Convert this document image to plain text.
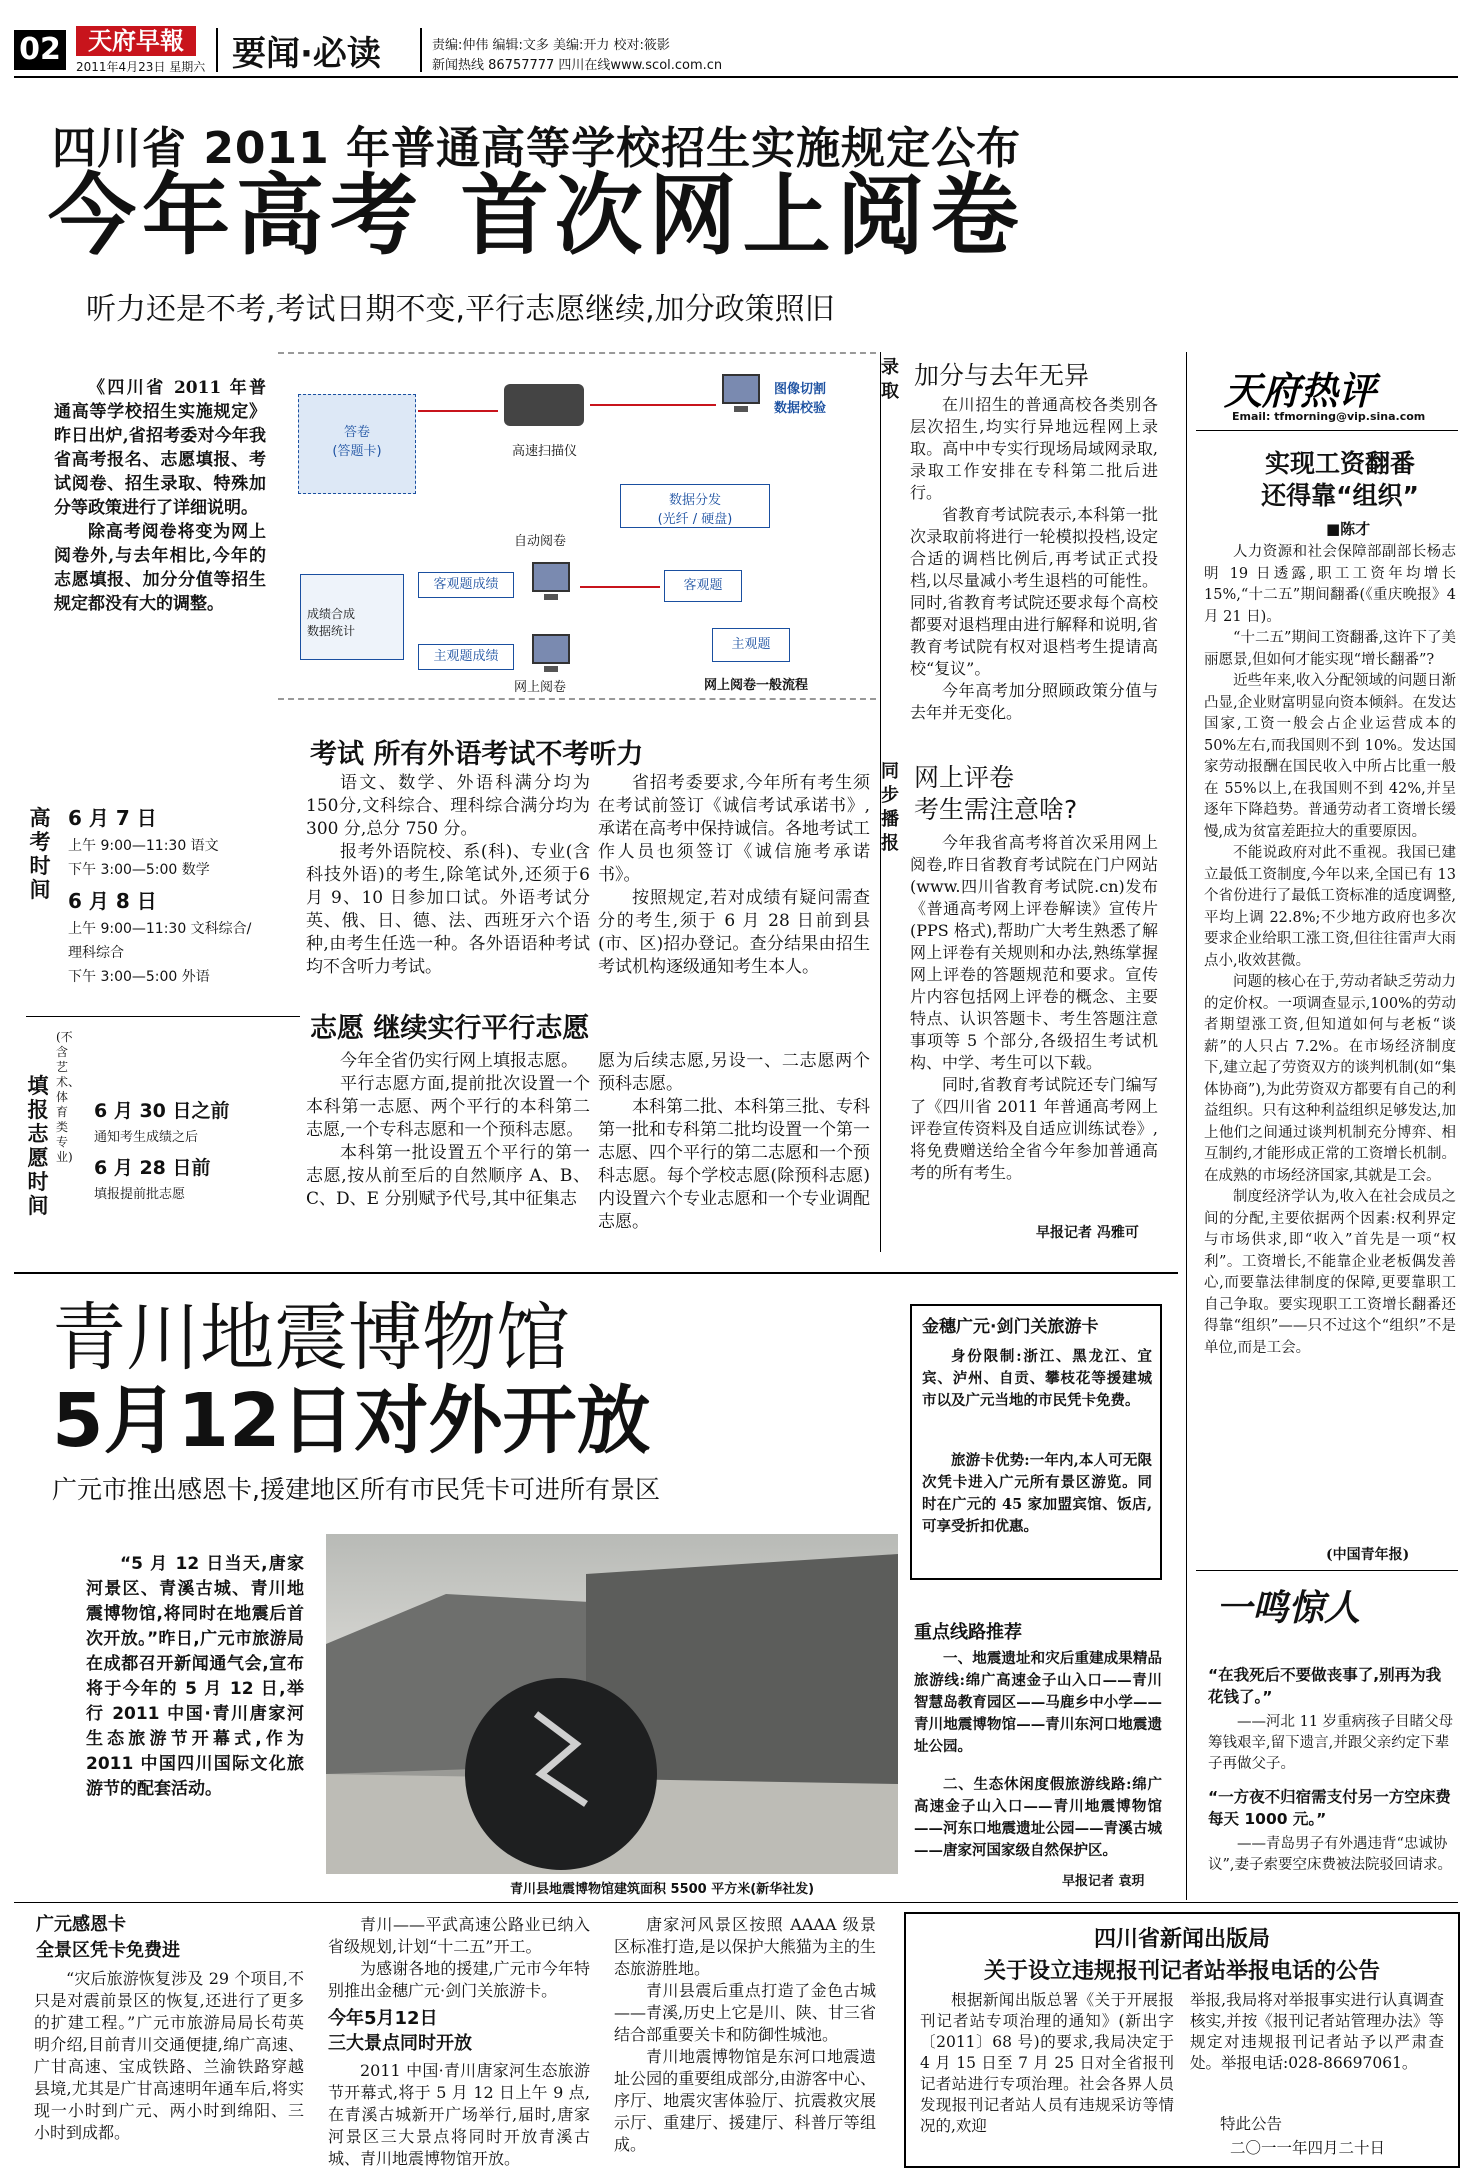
02	天府早報
2011年4月23日 星期六 要闻·必读	责编:仲伟 编辑:文多 美编:开力 校对:筱影
新闻热线 86757777 四川在线www.scol.com.cn
四川省 2011 年普通高等学校招生实施规定公布
今年高考 首次网上阅卷
听力还是不考,考试日期不变,平行志愿继续,加分政策照旧

《四川省 2011 年普通高等学校招生实施规定》昨日出炉,省招考委对今年我省高考报名、志愿填报、考试阅卷、招生录取、特殊加分等政策进行了详细说明。

除高考阅卷将变为网上阅卷外,与去年相比,今年的志愿填报、加分分值等招生规定都没有大的调整。

答卷
(答题卡)	高速扫描仪
图像切割
数据校验
数据分发
(光纤 / 硬盘)
自动阅卷
客观题
主观题
成绩合成
数据统计
客观题成绩
主观题成绩
网上阅卷	网上阅卷一般流程
高考时间
6 月 7 日
上午 9:00—11:30 语文
下午 3:00—5:00 数学
6 月 8 日
上午 9:00—11:30 文科综合/
理科综合
下午 3:00—5:00 外语
填报志愿时间
(不含艺术、体育类专业)
6 月 30 日之前
通知考生成绩之后
6 月 28 日前
填报提前批志愿
考试 所有外语考试不考听力

语文、数学、外语科满分均为150分,文科综合、理科综合满分均为300 分,总分 750 分。

报考外语院校、系(科)、专业(含科技外语)的考生,除笔试外,还须于6 月 9、10 日参加口试。外语考试分英、俄、日、德、法、西班牙六个语种,由考生任选一种。各外语语种考试均不含听力考试。

省招考委要求,今年所有考生须在考试前签订《诚信考试承诺书》,承诺在高考中保持诚信。各地考试工作人员也须签订《诚信施考承诺书》。

按照规定,若对成绩有疑问需查分的考生,须于 6 月 28 日前到县(市、区)招办登记。查分结果由招生考试机构逐级通知考生本人。

志愿 继续实行平行志愿

今年全省仍实行网上填报志愿。

平行志愿方面,提前批次设置一个本科第一志愿、两个平行的本科第二志愿,一个专科志愿和一个预科志愿。

本科第一批设置五个平行的第一志愿,按从前至后的自然顺序 A、B、C、D、E 分别赋予代号,其中征集志

愿为后续志愿,另设一、二志愿两个预科志愿。

本科第二批、本科第三批、专科第一批和专科第二批均设置一个第一志愿、四个平行的第二志愿和一个预科志愿。每个学校志愿(除预科志愿)内设置六个专业志愿和一个专业调配志愿。

录取
加分与去年无异

在川招生的普通高校各类别各层次招生,均实行异地远程网上录取。高中中专实行现场局域网录取,录取工作安排在专科第二批后进行。

省教育考试院表示,本科第一批次录取前将进行一轮模拟投档,设定合适的调档比例后,再考试正式投档,以尽量减小考生退档的可能性。同时,省教育考试院还要求每个高校都要对退档理由进行解释和说明,省教育考试院有权对退档考生提请高校“复议”。

今年高考加分照顾政策分值与去年并无变化。

同步播报
网上评卷
考生需注意啥?

今年我省高考将首次采用网上阅卷,昨日省教育考试院在门户网站(www.四川省教育考试院.cn)发布《普通高考网上评卷解读》宣传片(PPS 格式),帮助广大考生熟悉了解网上评卷有关规则和办法,熟练掌握网上评卷的答题规范和要求。宣传片内容包括网上评卷的概念、主要特点、认识答题卡、考生答题注意事项等 5 个部分,各级招生考试机构、中学、考生可以下载。

同时,省教育考试院还专门编写了《四川省 2011 年普通高考网上评卷宣传资料及自适应训练试卷》,将免费赠送给全省今年参加普通高考的所有考生。

早报记者 冯雅可
天府热评
Email: tfmorning@vip.sina.com
实现工资翻番
还得靠“组织”
■陈才

人力资源和社会保障部副部长杨志明 19 日透露,职工工资年均增长 15%,“十二五”期间翻番(《重庆晚报》4 月 21 日)。

“十二五”期间工资翻番,这许下了美丽愿景,但如何才能实现“增长翻番”?

近些年来,收入分配领域的问题日渐凸显,企业财富明显向资本倾斜。在发达国家,工资一般会占企业运营成本的 50%左右,而我国则不到 10%。发达国家劳动报酬在国民收入中所占比重一般在 55%以上,在我国则不到 42%,并呈逐年下降趋势。普通劳动者工资增长缓慢,成为贫富差距拉大的重要原因。

不能说政府对此不重视。我国已建立最低工资制度,今年以来,全国已有 13 个省份进行了最低工资标准的适度调整,平均上调 22.8%;不少地方政府也多次要求企业给职工涨工资,但往往雷声大雨点小,收效甚微。

问题的核心在于,劳动者缺乏劳动力的定价权。一项调查显示,100%的劳动者期望涨工资,但知道如何与老板“谈薪”的人只占 7.2%。在市场经济制度下,建立起了劳资双方的谈判机制(如“集体协商”),为此劳资双方都要有自己的利益组织。只有这种利益组织足够发达,加上他们之间通过谈判机制充分博弈、相互制约,才能形成正常的工资增长机制。在成熟的市场经济国家,其就是工会。

制度经济学认为,收入在社会成员之间的分配,主要依据两个因素:权利界定与市场供求,即“收入”首先是一项“权利”。工资增长,不能靠企业老板偶发善心,而要靠法律制度的保障,更要靠职工自己争取。要实现职工工资增长翻番还得靠“组织”——只不过这个“组织”不是单位,而是工会。

(中国青年报)
一鸣惊人
“在我死后不要做丧事了,别再为我花钱了。”
——河北 11 岁重病孩子目睹父母筹钱艰辛,留下遗言,并跟父亲约定下辈子再做父子。
“一方夜不归宿需支付另一方空床费每天 1000 元。”
——青岛男子有外遇违背“忠诚协议”,妻子索要空床费被法院驳回请求。
青川地震博物馆
5月12日对外开放
广元市推出感恩卡,援建地区所有市民凭卡可进所有景区
“5 月 12 日当天,唐家河景区、青溪古城、青川地震博物馆,将同时在地震后首次开放。”昨日,广元市旅游局在成都召开新闻通气会,宣布将于今年的 5 月 12 日,举行 2011 中国·青川唐家河生态旅游节开幕式,作为 2011 中国四川国际文化旅游节的配套活动。
青川县地震博物馆建筑面积 5500 平方米(新华社发)
金穗广元·剑门关旅游卡
身份限制:浙江、黑龙江、宜宾、泸州、自贡、攀枝花等援建城市以及广元当地的市民凭卡免费。
旅游卡优势:一年内,本人可无限次凭卡进入广元所有景区游览。同时在广元的 45 家加盟宾馆、饭店,可享受折扣优惠。
重点线路推荐
一、地震遗址和灾后重建成果精品旅游线:绵广高速金子山入口——青川智慧岛教育园区——马鹿乡中小学——青川地震博物馆——青川东河口地震遗址公园。
二、生态休闲度假旅游线路:绵广高速金子山入口——青川地震博物馆——河东口地震遗址公园——青溪古城——唐家河国家级自然保护区。
早报记者 袁玥
广元感恩卡
全景区凭卡免费进

“灾后旅游恢复涉及 29 个项目,不只是对震前景区的恢复,还进行了更多的扩建工程。”广元市旅游局局长苟英明介绍,目前青川交通便捷,绵广高速、广甘高速、宝成铁路、兰渝铁路穿越县境,尤其是广甘高速明年通车后,将实现一小时到广元、两小时到绵阳、三小时到成都。

青川——平武高速公路业已纳入省级规划,计划“十二五”开工。

为感谢各地的援建,广元市今年特别推出金穗广元·剑门关旅游卡。

今年5月12日
三大景点同时开放

2011 中国·青川唐家河生态旅游节开幕式,将于 5 月 12 日上午 9 点,在青溪古城新开广场举行,届时,唐家河景区三大景点将同时开放青溪古城、青川地震博物馆开放。

唐家河风景区按照 AAAA 级景区标准打造,是以保护大熊猫为主的生态旅游胜地。

青川县震后重点打造了金色古城——青溪,历史上它是川、陕、甘三省结合部重要关卡和防御性城池。

青川地震博物馆是东河口地震遗址公园的重要组成部分,由游客中心、序厅、地震灾害体验厅、抗震救灾展示厅、重建厅、援建厅、科普厅等组成。

四川省新闻出版局
关于设立违规报刊记者站举报电话的公告
根据新闻出版总署《关于开展报刊记者站专项治理的通知》(新出字〔2011〕68 号)的要求,我局决定于 4 月 15 日至 7 月 25 日对全省报刊记者站进行专项治理。社会各界人员发现报刊记者站人员有违规采访等情况的,欢迎
举报,我局将对举报事实进行认真调查核实,并按《报刊记者站管理办法》等规定对违规报刊记者站予以严肃查处。举报电话:028-86697061。
特此公告
二〇一一年四月二十日
